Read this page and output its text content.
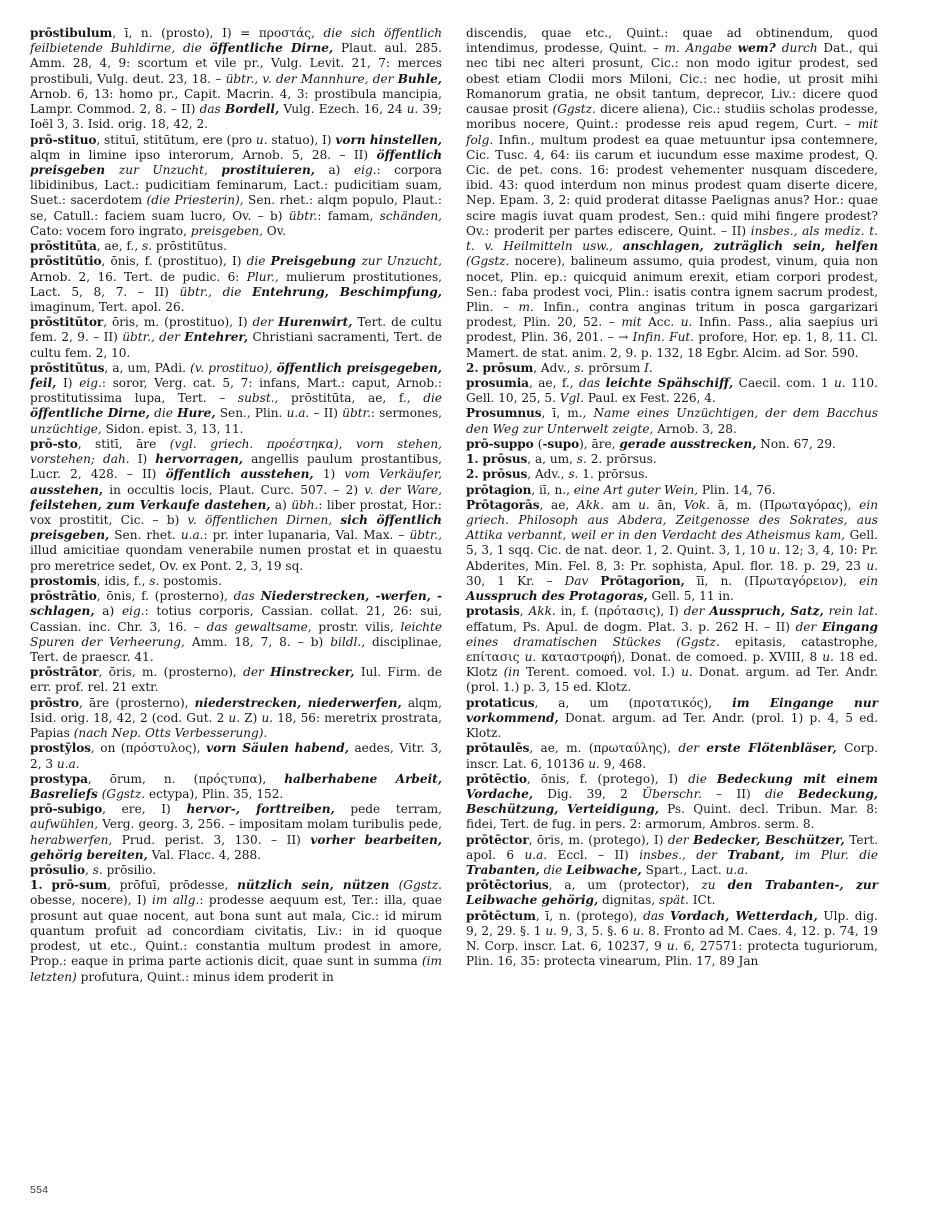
prōstibulum, ī, n. (prosto), I) = προστάς, die sich öffentlich feilbietende Buhldirne, die öffentliche Dirne, Plaut. aul. 285. Amm. 28, 4, 9: scortum et vile pr., Vulg. Levit. 21, 7: merces prostibuli, Vulg. deut. 23, 18. – übtr., v. der Mannhure, der Buhle, Arnob. 6, 13: homo pr., Capit. Macrin. 4, 3: prostibula mancipia, Lampr. Commod. 2, 8. – II) das Bordell, Vulg. Ezech. 16, 24 u. 39; Ioël 3, 3. Isid. orig. 18, 42, 2.

prō-stituo, stituī, stitūtum, ere (pro u. statuo), I) vorn hinstellen, alqm in limine ipso interorum, Arnob. 5, 28. – II) öffentlich preisgeben zur Unzucht, prostituieren, a) eig.: corpora libidinibus, Lact.: pudicitiam feminarum, Lact.: pudicitiam suam, Suet.: sacerdotem (die Priesterin), Sen. rhet.: alqm populo, Plaut.: se, Catull.: faciem suam lucro, Ov. – b) übtr.: famam, schänden, Cato: vocem foro ingrato, preisgeben, Ov.

prōstitūta, ae, f., s. prōstitūtus.

prōstitūtio, ōnis, f. (prostituo), I) die Preisgebung zur Unzucht, Arnob. 2, 16. Tert. de pudic. 6: Plur., mulierum prostitutiones, Lact. 5, 8, 7. – II) übtr., die Entehrung, Beschimpfung, imaginum, Tert. apol. 26.

prōstitūtor, ōris, m. (prostituo), I) der Hurenwirt, Tert. de cultu fem. 2, 9. – II) übtr., der Entehrer, Christiani sacramenti, Tert. de cultu fem. 2, 10.

prōstitūtus, a, um, PAdi. (v. prostituo), öffentlich preisgegeben, feil, I) eig.: soror, Verg. cat. 5, 7: infans, Mart.: caput, Arnob.: prostitutissima lupa, Tert. – subst., prōstitūta, ae, f., die öffentliche Dirne, die Hure, Sen., Plin. u.a. – II) übtr.: sermones, unzüchtige, Sidon. epist. 3, 13, 11.

prō-sto, stitī, āre (vgl. griech. προέστηκα), vorn stehen, vorstehen; dah. I) hervorragen, angellis paulum prostantibus, Lucr. 2, 428. – II) öffentlich ausstehen, 1) vom Verkäufer, ausstehen, in occultis locis, Plaut. Curc. 507. – 2) v. der Ware, feilstehen, zum Verkaufe dastehen, a) übh.: liber prostat, Hor.: vox prostitit, Cic. – b) v. öffentlichen Dirnen, sich öffentlich preisgeben, Sen. rhet. u.a.: pr. inter lupanaria, Val. Max. – übtr., illud amicitiae quondam venerabile numen prostat et in quaestu pro meretrice sedet, Ov. ex Pont. 2, 3, 19 sq.

prostomis, idis, f., s. postomis.

prōstrātio, ōnis, f. (prosterno), das Niederstrecken, -werfen, -schlagen, a) eig.: totius corporis, Cassian. collat. 21, 26: sui, Cassian. inc. Chr. 3, 16. – das gewaltsame, prostr. vilis, leichte Spuren der Verheerung, Amm. 18, 7, 8. – b) bildl., disciplinae, Tert. de praescr. 41.

prōstrātor, ōris, m. (prosterno), der Hinstrecker, Iul. Firm. de err. prof. rel. 21 extr.

prōstro, āre (prosterno), niederstrecken, niederwerfen, alqm, Isid. orig. 18, 42, 2 (cod. Gut. 2 u. Z) u. 18, 56: meretrix prostrata, Papias (nach Nep. Otts Verbesserung).

prostȳlos, on (πρόστυλος), vorn Säulen habend, aedes, Vitr. 3, 2, 3 u.a.

prostypa, ōrum, n. (πρόςτυπα), halberhabene Arbeit, Basreliefs (Ggstz. ectypa), Plin. 35, 152.

prō-subigo, ere, I) hervor-, forttreiben, pede terram, aufwühlen, Verg. georg. 3, 256. – impositam molam turibulis pede, herabwerfen, Prud. perist. 3, 130. – II) vorher bearbeiten, gehörig bereiten, Val. Flacc. 4, 288.

prōsulio, s. prōsilio.

1. prō-sum, prōfuī, prōdesse, nützlich sein, nützen (Ggstz. obesse, nocere), I) im allg.: prodesse aequum est, Ter.: illa, quae prosunt aut quae nocent, aut bona sunt aut mala, Cic.: id mirum quantum profuit ad concordiam civitatis, Liv.: in id quoque prodest, ut etc., Quint.: constantia multum prodest in amore, Prop.: eaque in prima parte actionis dicit, quae sunt in summa (im letzten) profutura, Quint.: minus idem proderit in

discendis, quae etc., Quint.: quae ad obtinendum, quod intendimus, prodesse, Quint. – m. Angabe wem? durch Dat., qui nec tibi nec alteri prosunt, Cic.: non modo igitur prodest, sed obest etiam Clodii mors Miloni, Cic.: nec hodie, ut prosit mihi Romanorum gratia, ne obsit tantum, deprecor, Liv.: dicere quod causae prosit (Ggstz. dicere aliena), Cic.: studiis scholas prodesse, moribus nocere, Quint.: prodesse reis apud regem, Curt. – mit folg. Infin., multum prodest ea quae metuuntur ipsa contemnere, Cic. Tusc. 4, 64: iis carum et iucundum esse maxime prodest, Q. Cic. de pet. cons. 16: prodest vehementer nusquam discedere, ibid. 43: quod interdum non minus prodest quam diserte dicere, Nep. Epam. 3, 2: quid proderat ditasse Paelignas anus? Hor.: quae scire magis iuvat quam prodest, Sen.: quid mihi fingere prodest? Ov.: proderit per partes ediscere, Quint. – II) insbes., als mediz. t. t. v. Heilmitteln usw., anschlagen, zuträglich sein, helfen (Ggstz. nocere), balineum assumo, quia prodest, vinum, quia non nocet, Plin. ep.: quicquid animum erexit, etiam corpori prodest, Sen.: faba prodest voci, Plin.: isatis contra ignem sacrum prodest, Plin. – m. Infin., contra anginas tritum in posca gargarizari prodest, Plin. 20, 52. – mit Acc. u. Infin. Pass., alia saepius uri prodest, Plin. 36, 201. – → Infin. Fut. profore, Hor. ep. 1, 8, 11. Cl. Mamert. de stat. anim. 2, 9. p. 132, 18 Egbr. Alcim. ad Sor. 590.

2. prōsum, Adv., s. prōrsum I.

prosumia, ae, f., das leichte Spähschiff, Caecil. com. 1 u. 110. Gell. 10, 25, 5. Vgl. Paul. ex Fest. 226, 4.

Prosumnus, ī, m., Name eines Unzüchtigen, der dem Bacchus den Weg zur Unterwelt zeigte, Arnob. 3, 28.

prō-suppo (-supo), āre, gerade ausstrecken, Non. 67, 29.

1. prōsus, a, um, s. 2. prōrsus.

2. prōsus, Adv., s. 1. prōrsus.

prōtagion, iī, n., eine Art guter Wein, Plin. 14, 76.

Prōtagorās, ae, Akk. am u. ān, Vok. ā, m. (Πρωταγόρας), ein griech. Philosoph aus Abdera, Zeitgenosse des Sokrates, aus Attika verbannt, weil er in den Verdacht des Atheismus kam, Gell. 5, 3, 1 sqq. Cic. de nat. deor. 1, 2. Quint. 3, 1, 10 u. 12; 3, 4, 10: Pr. Abderites, Min. Fel. 8, 3: Pr. sophista, Apul. flor. 18. p. 29, 23 u. 30, 1 Kr. – Dav Prōtagorīon, īī, n. (Πρωταγόρειον), ein Ausspruch des Protagoras, Gell. 5, 11 in.

protasis, Akk. in, f. (πρότασις), I) der Ausspruch, Satz, rein lat. effatum, Ps. Apul. de dogm. Plat. 3. p. 262 H. – II) der Eingang eines dramatischen Stückes (Ggstz. epitasis, catastrophe, επίτασις u. καταστροφή), Donat. de comoed. p. XVIII, 8 u. 18 ed. Klotz (in Terent. comoed. vol. I.) u. Donat. argum. ad Ter. Andr. (prol. 1.) p. 3, 15 ed. Klotz.

protaticus, a, um (προτατικός), im Eingange nur vorkommend, Donat. argum. ad Ter. Andr. (prol. 1) p. 4, 5 ed. Klotz.

prōtaulēs, ae, m. (πρωταύλης), der erste Flötenbläser, Corp. inscr. Lat. 6, 10136 u. 9, 468.

prōtēctio, ōnis, f. (protego), I) die Bedeckung mit einem Vordache, Dig. 39, 2 Überschr. – II) die Bedeckung, Beschützung, Verteidigung, Ps. Quint. decl. Tribun. Mar. 8: fidei, Tert. de fug. in pers. 2: armorum, Ambros. serm. 8.

prōtēctor, ōris, m. (protego), I) der Bedecker, Beschützer, Tert. apol. 6 u.a. Eccl. – II) insbes., der Trabant, im Plur. die Trabanten, die Leibwache, Spart., Lact. u.a.

prōtēctorius, a, um (protector), zu den Trabanten-, zur Leibwache gehörig, dignitas, spät. ICt.

prōtēctum, ī, n. (protego), das Vordach, Wetterdach, Ulp. dig. 9, 2, 29. §. 1 u. 9, 3, 5. §. 6 u. 8. Fronto ad M. Caes. 4, 12. p. 74, 19 N. Corp. inscr. Lat. 6, 10237, 9 u. 6, 27571: protecta tuguriorum, Plin. 16, 35: protecta vinearum, Plin. 17, 89 Jan

554
